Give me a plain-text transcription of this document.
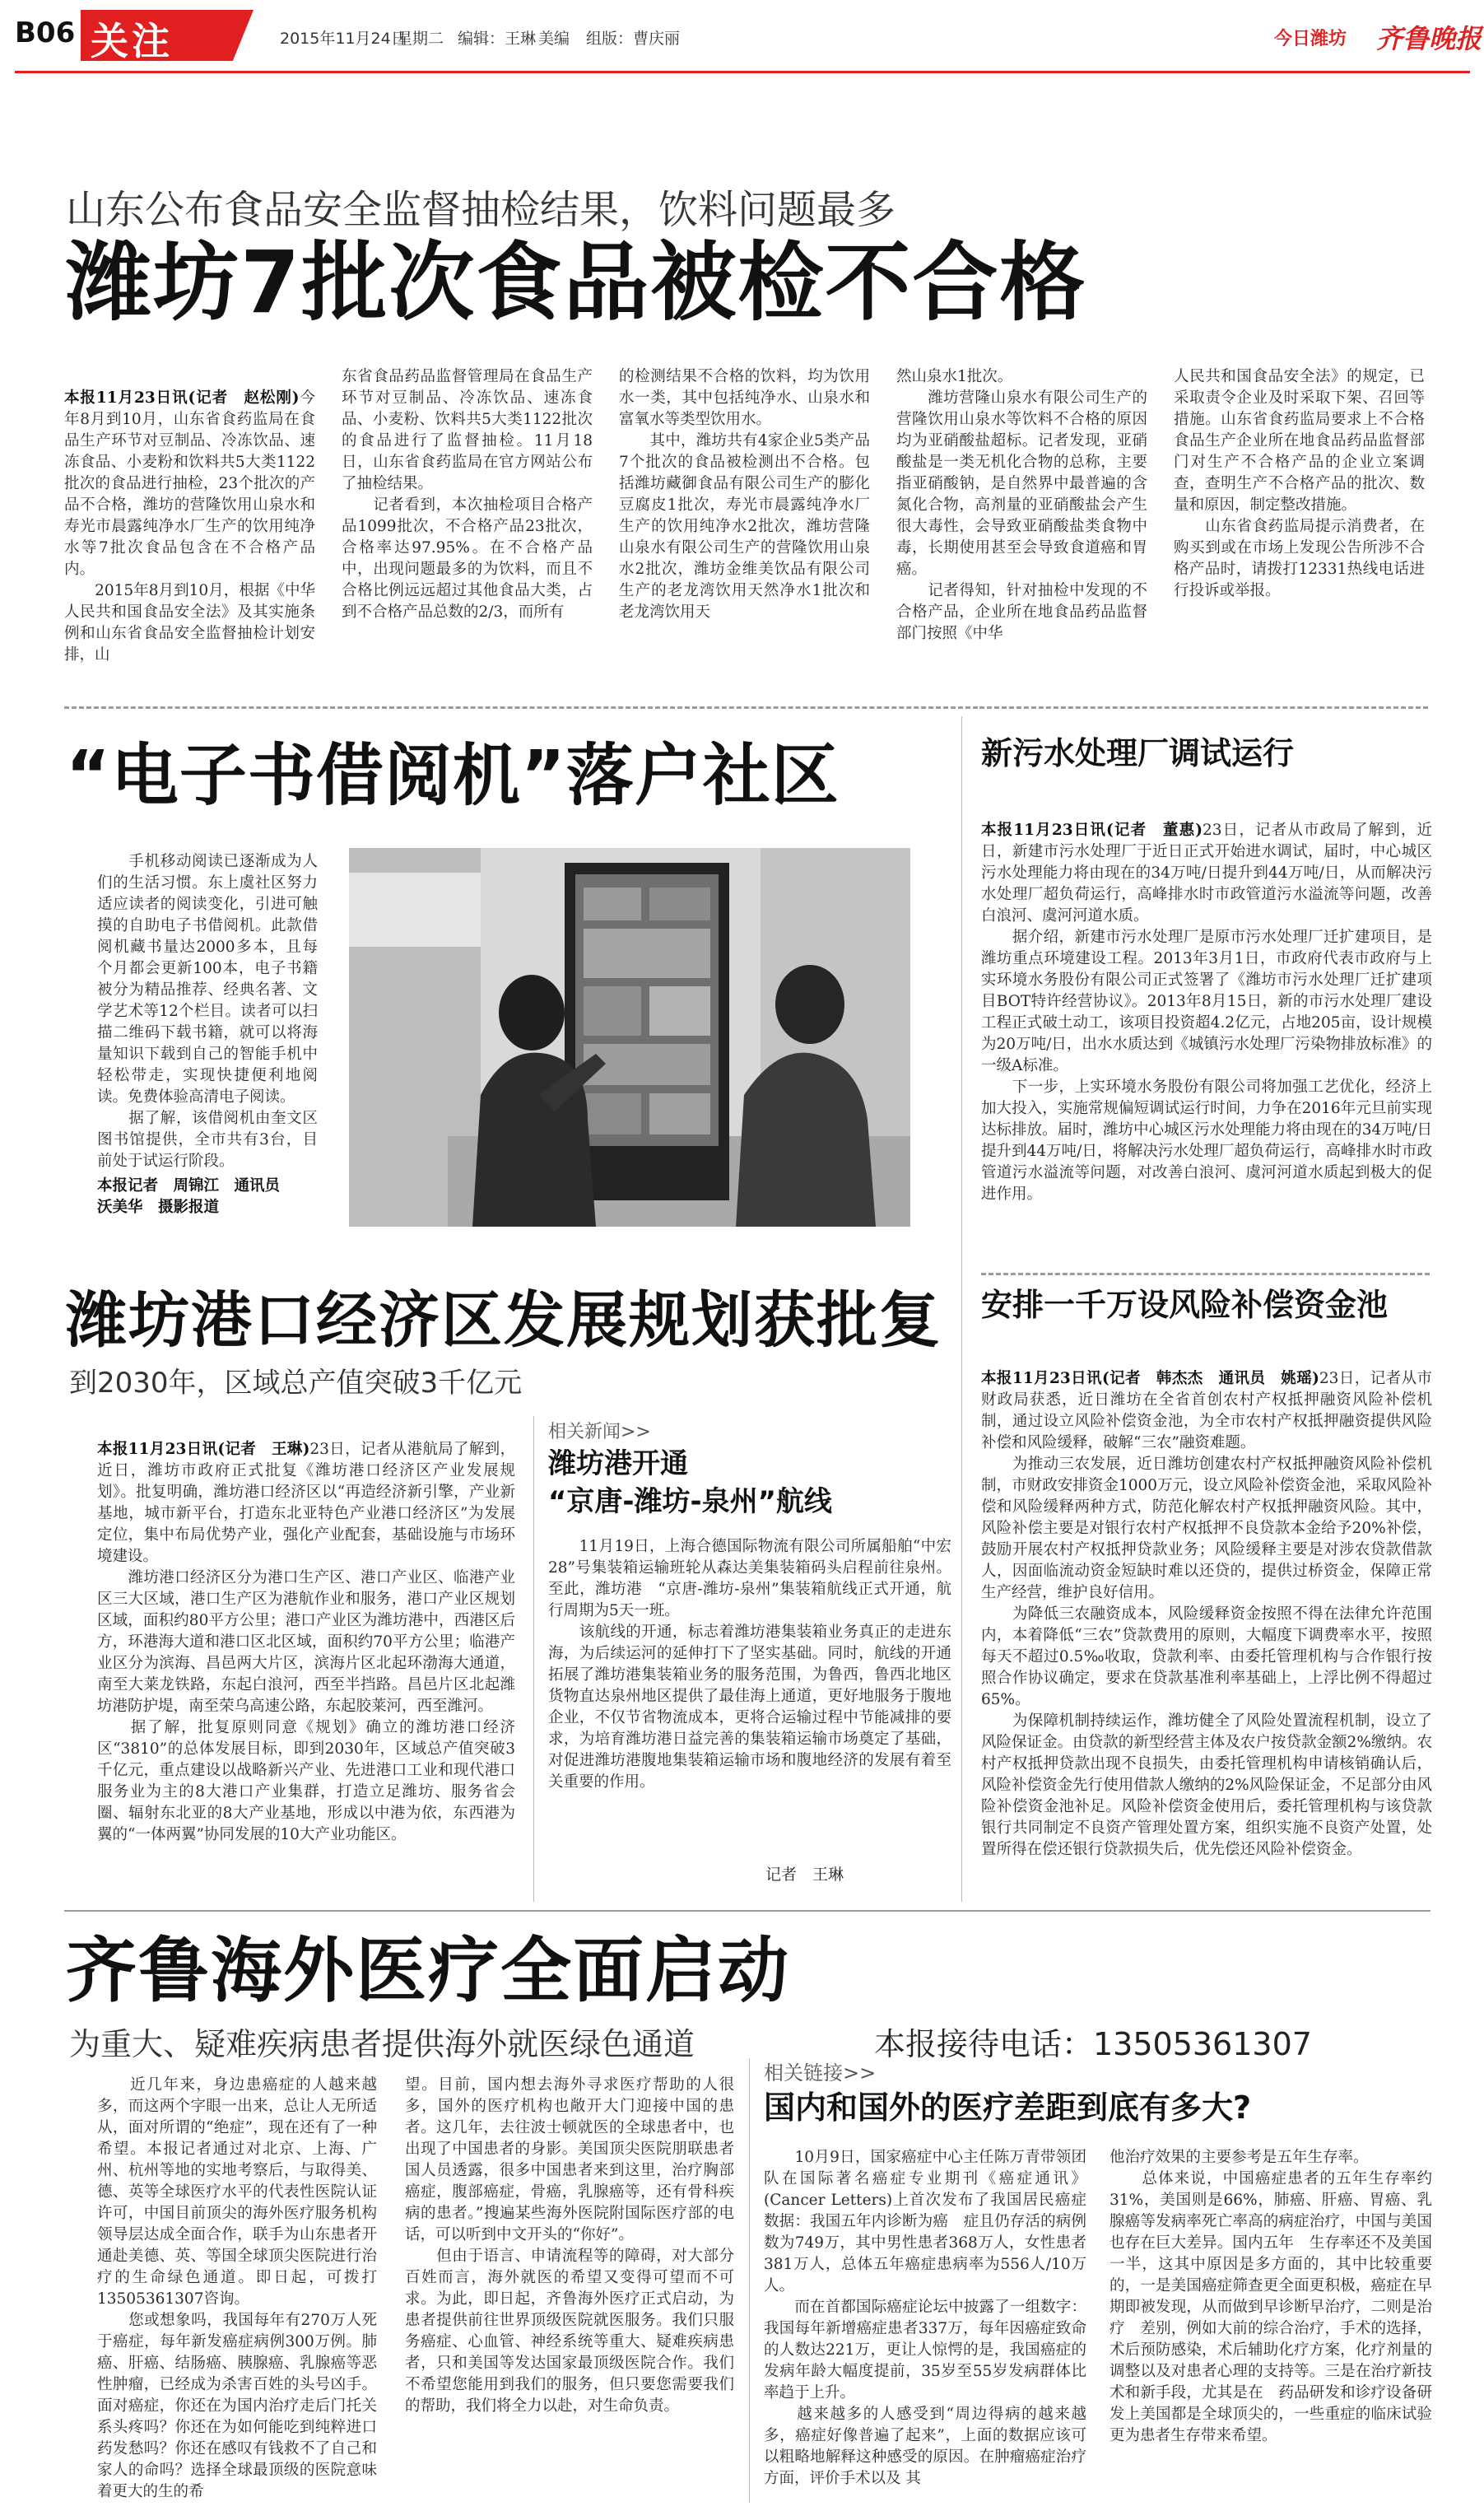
B06 关注	2015年11月24日
星期二 编辑：王琳 美编 组版：曹庆丽	今日潍坊 齐鲁晚报
山东公布食品安全监督抽检结果，饮料问题最多
潍坊7批次食品被检不合格

本报11月23日讯(记者　赵松刚)今年8月到10月，山东省食药监局在食品生产环节对豆制品、冷冻饮品、速冻食品、小麦粉和饮料共5大类1122批次的食品进行抽检，23个批次的产品不合格，潍坊的营隆饮用山泉水和寿光市晨露纯净水厂生产的饮用纯净水等7批次食品包含在不合格产品内。
　　2015年8月到10月，根据《中华人民共和国食品安全法》及其实施条例和山东省食品安全监督抽检计划安排，山

东省食品药品监督管理局在食品生产环节对豆制品、冷冻饮品、速冻食品、小麦粉、饮料共5大类1122批次的食品进行了监督抽检。11月18日，山东省食药监局在官方网站公布了抽检结果。
　　记者看到，本次抽检项目合格产品1099批次，不合格产品23批次，合格率达97.95%。在不合格产品中，出现问题最多的为饮料，而且不合格比例远远超过其他食品大类，占到不合格产品总数的2/3，而所有
的检测结果不合格的饮料，均为饮用水一类，其中包括纯净水、山泉水和富氧水等类型饮用水。
　　其中，潍坊共有4家企业5类产品7个批次的食品被检测出不合格。包括潍坊藏御食品有限公司生产的膨化豆腐皮1批次，寿光市晨露纯净水厂生产的饮用纯净水2批次，潍坊营隆山泉水有限公司生产的营隆饮用山泉水2批次，潍坊金维美饮品有限公司生产的老龙湾饮用天然净水1批次和老龙湾饮用天
然山泉水1批次。
　　潍坊营隆山泉水有限公司生产的营隆饮用山泉水等饮料不合格的原因均为亚硝酸盐超标。记者发现，亚硝酸盐是一类无机化合物的总称，主要指亚硝酸钠，是自然界中最普遍的含氮化合物，高剂量的亚硝酸盐会产生很大毒性，会导致亚硝酸盐类食物中毒，长期使用甚至会导致食道癌和胃癌。
　　记者得知，针对抽检中发现的不合格产品，企业所在地食品药品监督部门按照《中华
人民共和国食品安全法》的规定，已采取责令企业及时采取下架、召回等措施。山东省食药监局要求上不合格食品生产企业所在地食品药品监督部门对生产不合格产品的企业立案调查，查明生产不合格产品的批次、数量和原因，制定整改措施。
　　山东省食药监局提示消费者，在购买到或在市场上发现公告所涉不合格产品时，请拨打12331热线电话进行投诉或举报。
“电子书借阅机”落户社区
　　手机移动阅读已逐渐成为人们的生活习惯。东上虞社区努力适应读者的阅读变化，引进可触摸的自助电子书借阅机。此款借阅机藏书量达2000多本，且每个月都会更新100本，电子书籍被分为精品推荐、经典名著、文学艺术等12个栏目。读者可以扫描二维码下载书籍，就可以将海量知识下载到自己的智能手机中轻松带走，实现快捷便利地阅读。免费体验高清电子阅读。
　　据了解，该借阅机由奎文区图书馆提供，全市共有3台，目前处于试运行阶段。
本报记者　周锦江　通讯员
沃美华　摄影报道
新污水处理厂调试运行

本报11月23日讯(记者　董惠)23日，记者从市政局了解到，近日，新建市污水处理厂于近日正式开始进水调试，届时，中心城区污水处理能力将由现在的34万吨/日提升到44万吨/日，从而解决污水处理厂超负荷运行，高峰排水时市政管道污水溢流等问题，改善白浪河、虞河河道水质。
　　据介绍，新建市污水处理厂是原市污水处理厂迁扩建项目，是潍坊重点环境建设工程。2013年3月1日，市政府代表市政府与上实环境水务股份有限公司正式签署了《潍坊市污水处理厂迁扩建项目BOT特许经营协议》。2013年8月15日，新的市污水处理厂建设工程正式破土动工，该项目投资超4.2亿元，占地205亩，设计规模为20万吨/日，出水水质达到《城镇污水处理厂污染物排放标准》的一级A标准。
　　下一步，上实环境水务股份有限公司将加强工艺优化，经济上加大投入，实施常规偏短调试运行时间，力争在2016年元旦前实现达标排放。届时，潍坊中心城区污水处理能力将由现在的34万吨/日提升到44万吨/日，将解决污水处理厂超负荷运行，高峰排水时市政管道污水溢流等问题，对改善白浪河、虞河河道水质起到极大的促进作用。

安排一千万设风险补偿资金池

本报11月23日讯(记者　韩杰杰　通讯员　姚瑶)23日，记者从市财政局获悉，近日潍坊在全省首创农村产权抵押融资风险补偿机制，通过设立风险补偿资金池，为全市农村产权抵押融资提供风险补偿和风险缓释，破解“三农”融资难题。
　　为推动三农发展，近日潍坊创建农村产权抵押融资风险补偿机制，市财政安排资金1000万元，设立风险补偿资金池，采取风险补偿和风险缓释两种方式，防范化解农村产权抵押融资风险。其中，风险补偿主要是对银行农村产权抵押不良贷款本金给予20%补偿，鼓励开展农村产权抵押贷款业务；风险缓释主要是对涉农贷款借款人，因面临流动资金短缺时难以还贷的，提供过桥资金，保障正常生产经营，维护良好信用。
　　为降低三农融资成本，风险缓释资金按照不得在法律允许范围内，本着降低“三农”贷款费用的原则，大幅度下调费率水平，按照每天不超过0.5‰收取，贷款利率、由委托管理机构与合作银行按照合作协议确定，要求在贷款基准利率基础上，上浮比例不得超过65%。
　　为保障机制持续运作，潍坊健全了风险处置流程机制，设立了风险保证金。由贷款的新型经营主体及农户按贷款金额2%缴纳。农村产权抵押贷款出现不良损失，由委托管理机构申请核销确认后，风险补偿资金先行使用借款人缴纳的2%风险保证金，不足部分由风险补偿资金池补足。风险补偿资金使用后，委托管理机构与该贷款银行共同制定不良资产管理处置方案，组织实施不良资产处置，处置所得在偿还银行贷款损失后，优先偿还风险补偿资金。

潍坊港口经济区发展规划获批复
到2030年，区域总产值突破3千亿元

本报11月23日讯(记者　王琳)23日，记者从港航局了解到，近日，潍坊市政府正式批复《潍坊港口经济区产业发展规划》。批复明确，潍坊港口经济区以“再造经济新引擎，产业新基地，城市新平台，打造东北亚特色产业港口经济区”为发展定位，集中布局优势产业，强化产业配套，基础设施与市场环境建设。
　　潍坊港口经济区分为港口生产区、港口产业区、临港产业区三大区域，港口生产区为港航作业和服务，港口产业区规划区域，面积约80平方公里；港口产业区为潍坊港中，西港区后方，环港海大道和港口区北区域，面积约70平方公里；临港产业区分为滨海、昌邑两大片区，滨海片区北起环渤海大通道，南至大莱龙铁路，东起白浪河，西至半挡路。昌邑片区北起潍坊港防护堤，南至荣乌高速公路，东起胶莱河，西至潍河。
　　据了解，批复原则同意《规划》确立的潍坊港口经济区“3810”的总体发展目标，即到2030年，区域总产值突破3千亿元，重点建设以战略新兴产业、先进港口工业和现代港口服务业为主的8大港口产业集群，打造立足潍坊、服务省会圈、辐射东北亚的8大产业基地，形成以中港为依，东西港为翼的“一体两翼”协同发展的10大产业功能区。

相关新闻>>
潍坊港开通
“京唐-潍坊-泉州”航线
　　11月19日，上海合德国际物流有限公司所属船舶“中宏28”号集装箱运输班轮从森达美集装箱码头启程前往泉州。至此，潍坊港　“京唐-潍坊-泉州”集装箱航线正式开通，航行周期为5天一班。
　　该航线的开通，标志着潍坊港集装箱业务真正的走进东海，为后续运河的延伸打下了坚实基础。同时，航线的开通拓展了潍坊港集装箱业务的服务范围，为鲁西，鲁西北地区货物直达泉州地区提供了最佳海上通道，更好地服务于腹地企业，不仅节省物流成本，更将合运输过程中节能减排的要求，为培育潍坊港日益完善的集装箱运输市场奠定了基础，对促进潍坊港腹地集装箱运输市场和腹地经济的发展有着至关重要的作用。
记者　王琳
齐鲁海外医疗全面启动
为重大、疑难疾病患者提供海外就医绿色通道	本报接待电话：13505361307
　　近几年来，身边患癌症的人越来越多，而这两个字眼一出来，总让人无所适从，面对所谓的“绝症”，现在还有了一种希望。本报记者通过对北京、上海、广州、杭州等地的实地考察后，与取得美、德、英等全球医疗水平的代表性医院认证许可，中国目前顶尖的海外医疗服务机构领导层达成全面合作，联手为山东患者开通赴美德、英、等国全球顶尖医院进行治疗的生命绿色通道。即日起，可拨打13505361307咨询。
　　您或想象吗，我国每年有270万人死于癌症，每年新发癌症病例300万例。肺癌、肝癌、结肠癌、胰腺癌、乳腺癌等恶性肿瘤，已经成为杀害百姓的头号凶手。面对癌症，你还在为国内治疗走后门托关系头疼吗？你还在为如何能吃到纯粹进口药发愁吗？你还在感叹有钱救不了自己和家人的命吗？选择全球最顶级的医院意味着更大的生的希
望。目前，国内想去海外寻求医疗帮助的人很多，国外的医疗机构也敞开大门迎接中国的患者。这几年，去往波士顿就医的全球患者中，也出现了中国患者的身影。美国顶尖医院朋联患者国人员透露，很多中国患者来到这里，治疗胸部癌症，腹部癌症，骨癌，乳腺癌等，还有骨科疾病的患者。”搜遍某些海外医院附国际医疗部的电话，可以听到中文开头的“你好”。
　　但由于语言、申请流程等的障碍，对大部分百姓而言，海外就医的希望又变得可望而不可求。为此，即日起，齐鲁海外医疗正式启动，为患者提供前往世界顶级医院就医服务。我们只服务癌症、心血管、神经系统等重大、疑难疾病患者，只和美国等发达国家最顶级医院合作。我们不希望您能用到我们的服务，但只要您需要我们的帮助，我们将全力以赴，对生命负责。
相关链接>>
国内和国外的医疗差距到底有多大?
　　10月9日，国家癌症中心主任陈万青带领团队在国际著名癌症专业期刊《癌症通讯》(Cancer Letters)上首次发布了我国居民癌症数据：我国五年内诊断为癌　症且仍存活的病例数为749万，其中男性患者368万人，女性患者381万人，总体五年癌症患病率为556人/10万人。
　　而在首都国际癌症论坛中披露了一组数字：我国每年新增癌症患者337万，每年因癌症致命的人数达221万，更让人惊愕的是，我国癌症的发病年龄大幅度提前，35岁至55岁发病群体比率趋于上升。
　　越来越多的人感受到“周边得病的越来越多，癌症好像普遍了起来”，上面的数据应该可以粗略地解释这种感受的原因。在肿瘤癌症治疗方面，评价手术以及 其
他治疗效果的主要参考是五年生存率。
　　总体来说，中国癌症患者的五年生存率约31%，美国则是66%，肺癌、肝癌、胃癌、乳腺癌等发病率死亡率高的病症治疗，中国与美国也存在巨大差异。国内五年　生存率还不及美国一半，这其中原因是多方面的，其中比较重要的，一是美国癌症筛查更全面更积极，癌症在早期即被发现，从而做到早诊断早治疗，二则是治疗　差别，例如大前的综合治疗，手术的选择，术后预防感染，术后辅助化疗方案，化疗剂量的调整以及对患者心理的支持等。三是在治疗新技术和新手段，尤其是在　药品研发和诊疗设备研发上美国都是全球顶尖的，一些重症的临床试验更为患者生存带来希望。
